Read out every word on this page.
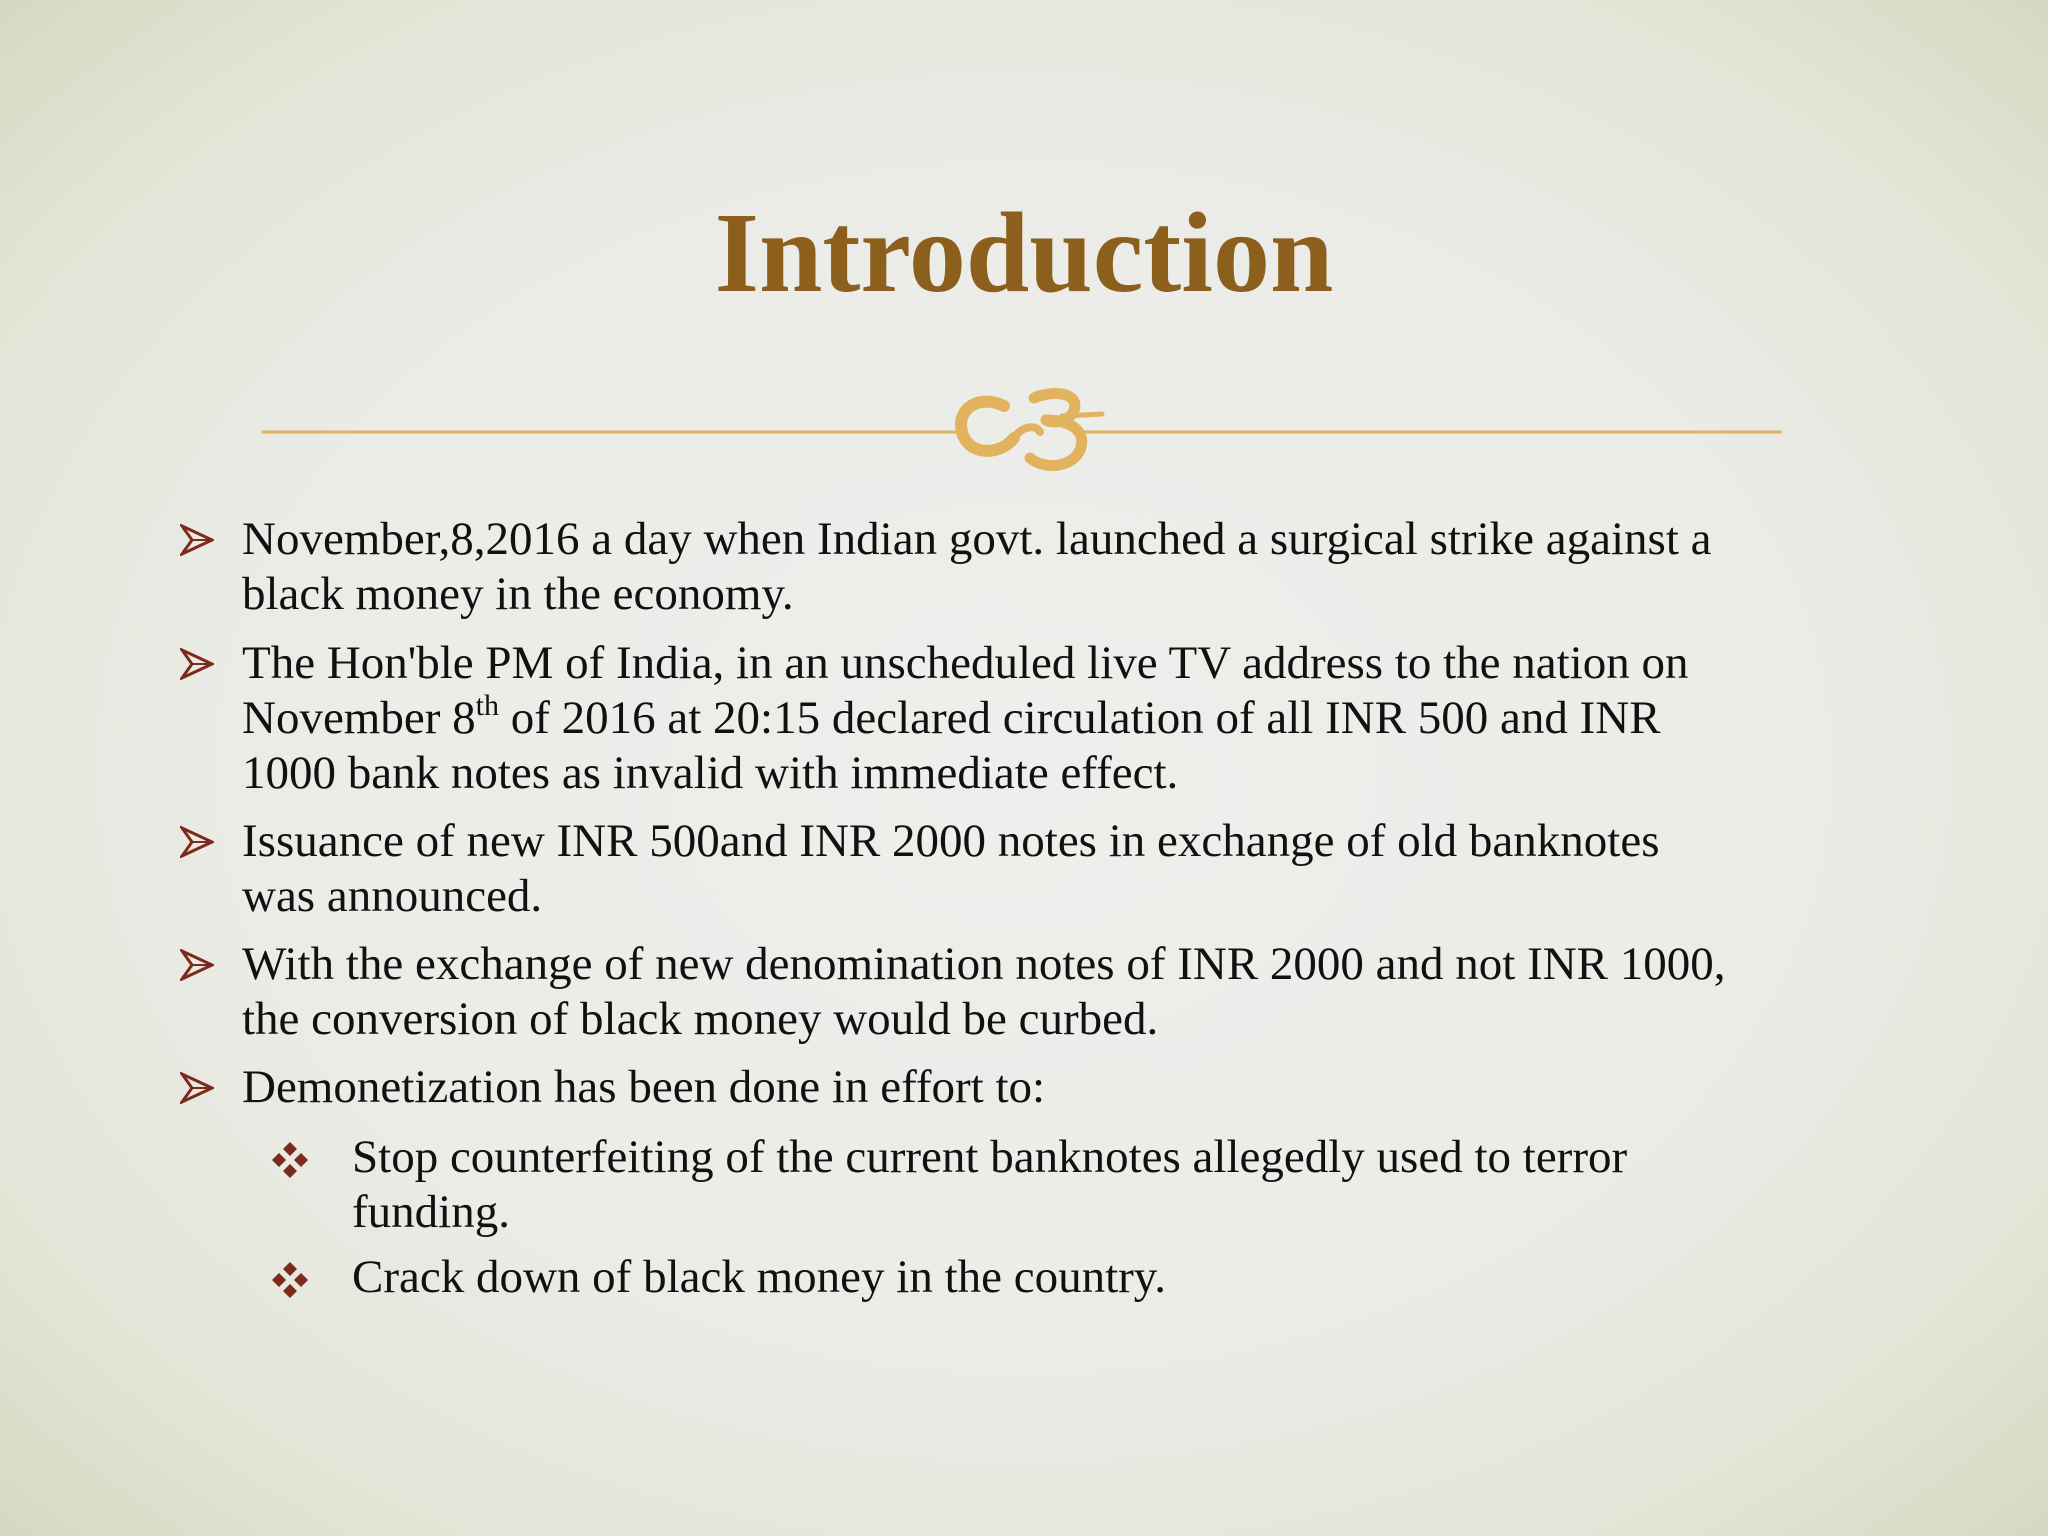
Introduction
November,8,2016 a day when Indian govt. launched a surgical strike against a
black money in the economy.
The Hon'ble PM of India, in an unscheduled live TV address to the nation on
November 8th of 2016 at 20:15 declared circulation of all INR 500 and INR
1000 bank notes as invalid with immediate effect.
Issuance of new INR 500and INR 2000 notes in exchange of old banknotes
was announced.
With the exchange of new denomination notes of INR 2000 and not INR 1000,
the conversion of black money would be curbed.
Demonetization has been done in effort to:
Stop counterfeiting of the current banknotes allegedly used to terror
funding.
Crack down of black money in the country.
